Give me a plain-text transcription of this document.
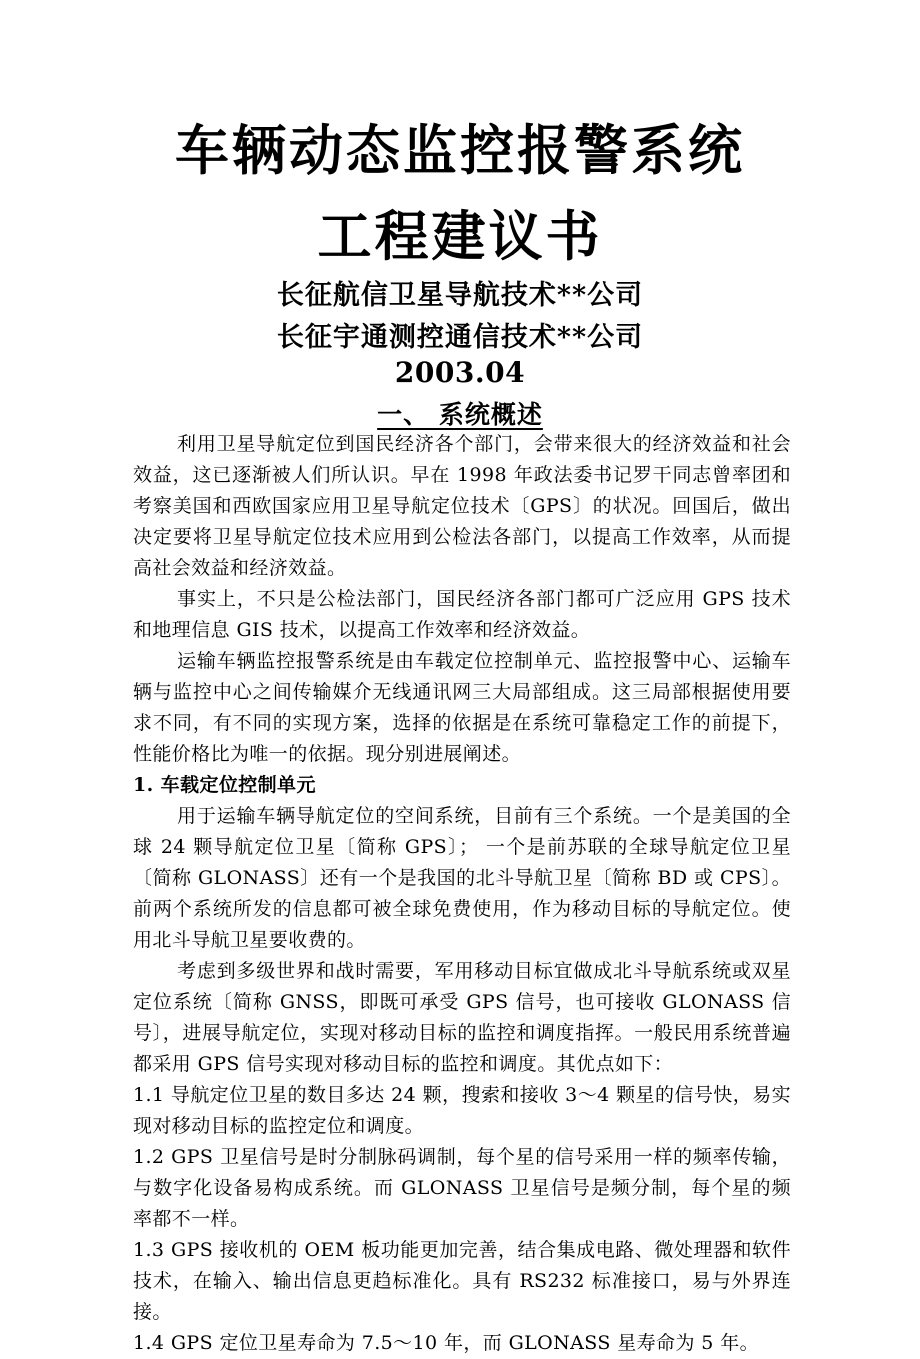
车辆动态监控报警系统
工程建议书
长征航信卫星导航技术**公司
长征宇通测控通信技术**公司
2003.04
一、 系统概述

利用卫星导航定位到国民经济各个部门，会带来很大的经济效益和社会效益，这已逐渐被人们所认识。早在 1998 年政法委书记罗干同志曾率团和考察美国和西欧国家应用卫星导航定位技术〔GPS〕的状况。回国后，做出决定要将卫星导航定位技术应用到公检法各部门，以提高工作效率，从而提高社会效益和经济效益。

事实上，不只是公检法部门，国民经济各部门都可广泛应用 GPS 技术和地理信息 GIS 技术，以提高工作效率和经济效益。

运输车辆监控报警系统是由车载定位控制单元、监控报警中心、运输车辆与监控中心之间传输媒介无线通讯网三大局部组成。这三局部根据使用要求不同，有不同的实现方案，选择的依据是在系统可靠稳定工作的前提下，性能价格比为唯一的依据。现分别进展阐述。

1. 车载定位控制单元

用于运输车辆导航定位的空间系统，目前有三个系统。一个是美国的全球 24 颗导航定位卫星〔简称 GPS〕； 一个是前苏联的全球导航定位卫星〔简称 GLONASS〕还有一个是我国的北斗导航卫星〔简称 BD 或 CPS〕。前两个系统所发的信息都可被全球免费使用，作为移动目标的导航定位。使用北斗导航卫星要收费的。

考虑到多级世界和战时需要，军用移动目标宜做成北斗导航系统或双星定位系统〔简称 GNSS，即既可承受 GPS 信号，也可接收 GLONASS 信号〕，进展导航定位，实现对移动目标的监控和调度指挥。一般民用系统普遍都采用 GPS 信号实现对移动目标的监控和调度。其优点如下：

1.1 导航定位卫星的数目多达 24 颗，搜索和接收 3～4 颗星的信号快，易实现对移动目标的监控定位和调度。

1.2 GPS 卫星信号是时分制脉码调制，每个星的信号采用一样的频率传输，与数字化设备易构成系统。而 GLONASS 卫星信号是频分制，每个星的频率都不一样。

1.3 GPS 接收机的 OEM 板功能更加完善，结合集成电路、微处理器和软件技术，在输入、输出信息更趋标准化。具有 RS232 标准接口，易与外界连接。

1.4 GPS 定位卫星寿命为 7.5～10 年，而 GLONASS 星寿命为 5 年。
